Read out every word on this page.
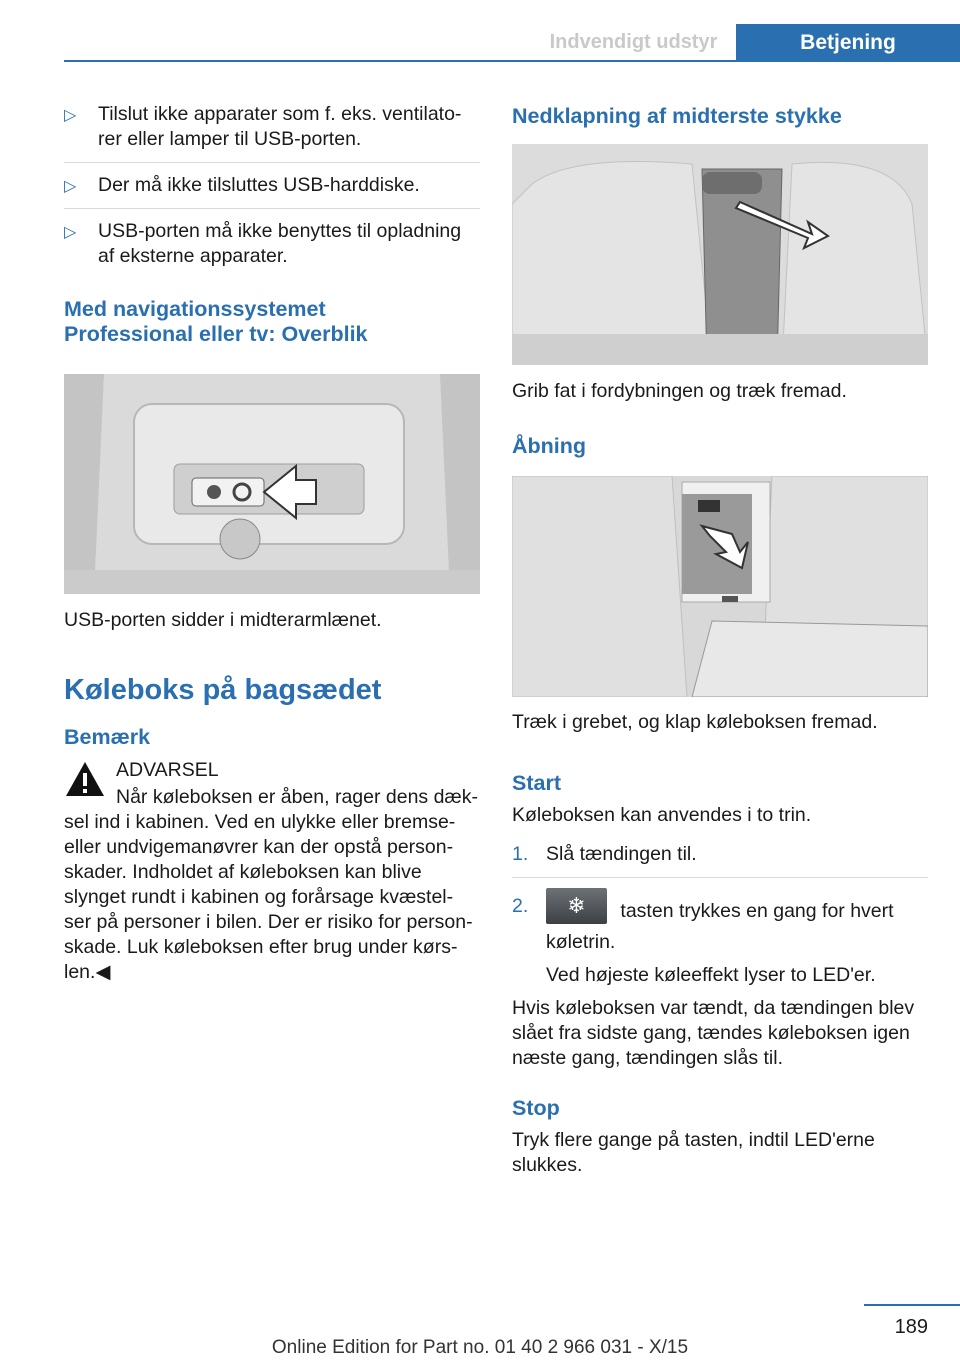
Indvendigt udstyr	Betjening
▷ Tilslut ikke apparater som f. eks. ventilato‐rer eller lamper til USB-porten.
▷ Der må ikke tilsluttes USB-harddiske.
▷ USB-porten må ikke benyttes til opladning af eksterne apparater.
Med navigationssystemet
Professional eller tv: Overblik
USB-porten sidder i midterarmlænet.
Køleboks på bagsædet
Bemærk
ADVARSEL
Når køleboksen er åben, rager dens dæk‐
sel ind i kabinen. Ved en ulykke eller bremse‐ eller undvigemanøvrer kan der opstå person‐skader. Indholdet af køleboksen kan blive slynget rundt i kabinen og forårsage kvæstel‐ser på personer i bilen. Der er risiko for person‐skade. Luk køleboksen efter brug under kørs‐len.◀
Nedklapning af midterste stykke
Grib fat i fordybningen og træk fremad.
Åbning
Træk i grebet, og klap køleboksen fremad.
Start
Køleboksen kan anvendes i to trin.
1. Slå tændingen til.
2. ❄ tasten trykkes en gang for hvert køletrin.
Ved højeste køleeffekt lyser to LED'er.
Hvis køleboksen var tændt, da tændingen blev slået fra sidste gang, tændes køleboksen igen næste gang, tændingen slås til.
Stop
Tryk flere gange på tasten, indtil LED'erne slukkes.
189
Online Edition for Part no. 01 40 2 966 031 - X/15
